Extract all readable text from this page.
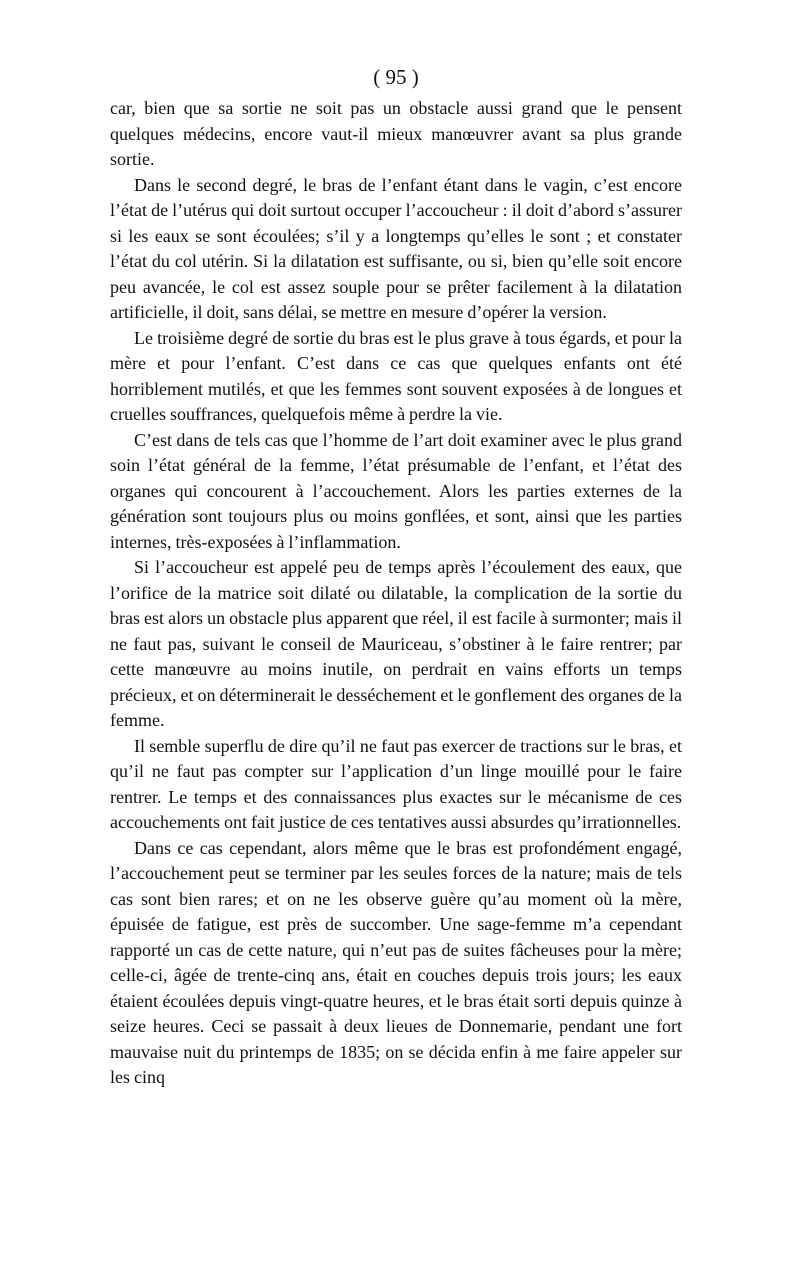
( 95 )

car, bien que sa sortie ne soit pas un obstacle aussi grand que le pensent quelques médecins, encore vaut-il mieux manœuvrer avant sa plus grande sortie.

Dans le second degré, le bras de l’enfant étant dans le vagin, c’est encore l’état de l’utérus qui doit surtout occuper l’accoucheur : il doit d’abord s’assurer si les eaux se sont écoulées; s’il y a longtemps qu’elles le sont ; et constater l’état du col utérin. Si la dilatation est suffisante, ou si, bien qu’elle soit encore peu avancée, le col est assez souple pour se prêter facilement à la dilatation artificielle, il doit, sans délai, se mettre en mesure d’opérer la version.

Le troisième degré de sortie du bras est le plus grave à tous égards, et pour la mère et pour l’enfant. C’est dans ce cas que quelques enfants ont été horriblement mutilés, et que les femmes sont souvent exposées à de longues et cruelles souffrances, quelquefois même à perdre la vie.

C’est dans de tels cas que l’homme de l’art doit examiner avec le plus grand soin l’état général de la femme, l’état présumable de l’enfant, et l’état des organes qui concourent à l’accouchement. Alors les parties externes de la génération sont toujours plus ou moins gonflées, et sont, ainsi que les parties internes, très-exposées à l’inflammation.

Si l’accoucheur est appelé peu de temps après l’écoulement des eaux, que l’orifice de la matrice soit dilaté ou dilatable, la complication de la sortie du bras est alors un obstacle plus apparent que réel, il est facile à surmonter; mais il ne faut pas, suivant le conseil de Mauriceau, s’obstiner à le faire rentrer; par cette manœuvre au moins inutile, on perdrait en vains efforts un temps précieux, et on déterminerait le desséchement et le gonflement des organes de la femme.

Il semble superflu de dire qu’il ne faut pas exercer de tractions sur le bras, et qu’il ne faut pas compter sur l’application d’un linge mouillé pour le faire rentrer. Le temps et des connaissances plus exactes sur le mécanisme de ces accouchements ont fait justice de ces tentatives aussi absurdes qu’irrationnelles.

Dans ce cas cependant, alors même que le bras est profondément engagé, l’accouchement peut se terminer par les seules forces de la nature; mais de tels cas sont bien rares; et on ne les observe guère qu’au moment où la mère, épuisée de fatigue, est près de succomber. Une sage-femme m’a cependant rapporté un cas de cette nature, qui n’eut pas de suites fâcheuses pour la mère; celle-ci, âgée de trente-cinq ans, était en couches depuis trois jours; les eaux étaient écoulées depuis vingt-quatre heures, et le bras était sorti depuis quinze à seize heures. Ceci se passait à deux lieues de Donnemarie, pendant une fort mauvaise nuit du printemps de 1835; on se décida enfin à me faire appeler sur les cinq
